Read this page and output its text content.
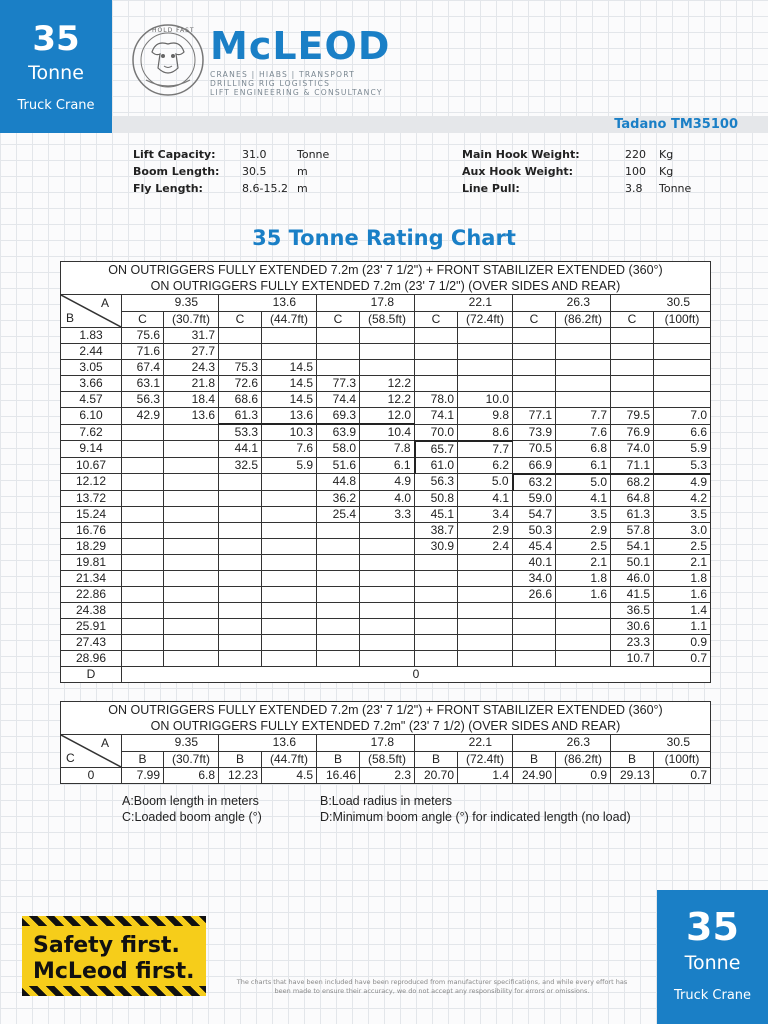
35
Tonne
Truck Crane
HOLD FAST McLEOD
CRANES | HIABS | TRANSPORT
DRILLING RIG LOGISTICS
LIFT ENGINEERING & CONSULTANCY
Tadano TM35100
Lift Capacity:	31.0	Tonne
Boom Length:	30.5	m
Fly Length:	8.6-15.2 m
Main Hook Weight:	220	Kg
Aux Hook Weight:	100	Kg
Line Pull:	3.8	Tonne
35 Tonne Rating Chart
ON OUTRIGGERS FULLY EXTENDED 7.2m (23' 7 1/2") + FRONT STABILIZER EXTENDED (360°)
ON OUTRIGGERS FULLY EXTENDED 7.2m (23' 7 1/2") (OVER SIDES AND REAR)												

A
B	9.35		13.6		17.8		22.1		26.3		30.5	
	C	(30.7ft)	C	(44.7ft)	C	(58.5ft)	C	(72.4ft)	C	(86.2ft)	C	(100ft)
1.83	75.6	31.7										
2.44	71.6	27.7										
3.05	67.4	24.3	75.3	14.5								
3.66	63.1	21.8	72.6	14.5	77.3	12.2						
4.57	56.3	18.4	68.6	14.5	74.4	12.2	78.0	10.0				
6.10	42.9	13.6	61.3	13.6	69.3	12.0	74.1	9.8	77.1	7.7	79.5	7.0
7.62			53.3	10.3	63.9	10.4	70.0	8.6	73.9	7.6	76.9	6.6
9.14			44.1	7.6	58.0	7.8	65.7	7.7	70.5	6.8	74.0	5.9
10.67			32.5	5.9	51.6	6.1	61.0	6.2	66.9	6.1	71.1	5.3
12.12					44.8	4.9	56.3	5.0	63.2	5.0	68.2	4.9
13.72					36.2	4.0	50.8	4.1	59.0	4.1	64.8	4.2
15.24					25.4	3.3	45.1	3.4	54.7	3.5	61.3	3.5
16.76							38.7	2.9	50.3	2.9	57.8	3.0
18.29							30.9	2.4	45.4	2.5	54.1	2.5
19.81									40.1	2.1	50.1	2.1
21.34									34.0	1.8	46.0	1.8
22.86									26.6	1.6	41.5	1.6
24.38											36.5	1.4
25.91											30.6	1.1
27.43											23.3	0.9
28.96											10.7	0.7
D	0											
ON OUTRIGGERS FULLY EXTENDED 7.2m (23' 7 1/2") + FRONT STABILIZER EXTENDED (360°)
ON OUTRIGGERS FULLY EXTENDED 7.2m" (23' 7 1/2) (OVER SIDES AND REAR)												

A
C	9.35		13.6		17.8		22.1		26.3		30.5	
	B	(30.7ft)	B	(44.7ft)	B	(58.5ft)	B	(72.4ft)	B	(86.2ft)	B	(100ft)
0	7.99	6.8	12.23	4.5	16.46	2.3	20.70	1.4	24.90	0.9	29.13	0.7
A:Boom length in meters
C:Loaded boom angle (°)
B:Load radius in meters
D:Minimum boom angle (°) for indicated length (no load)
Safety first.
McLeod first.	The charts that have been included have been reproduced from manufacturer specifications, and while every effort has been made to ensure their accuracy, we do not accept any responsibility for errors or omissions.
35
Tonne
Truck Crane
